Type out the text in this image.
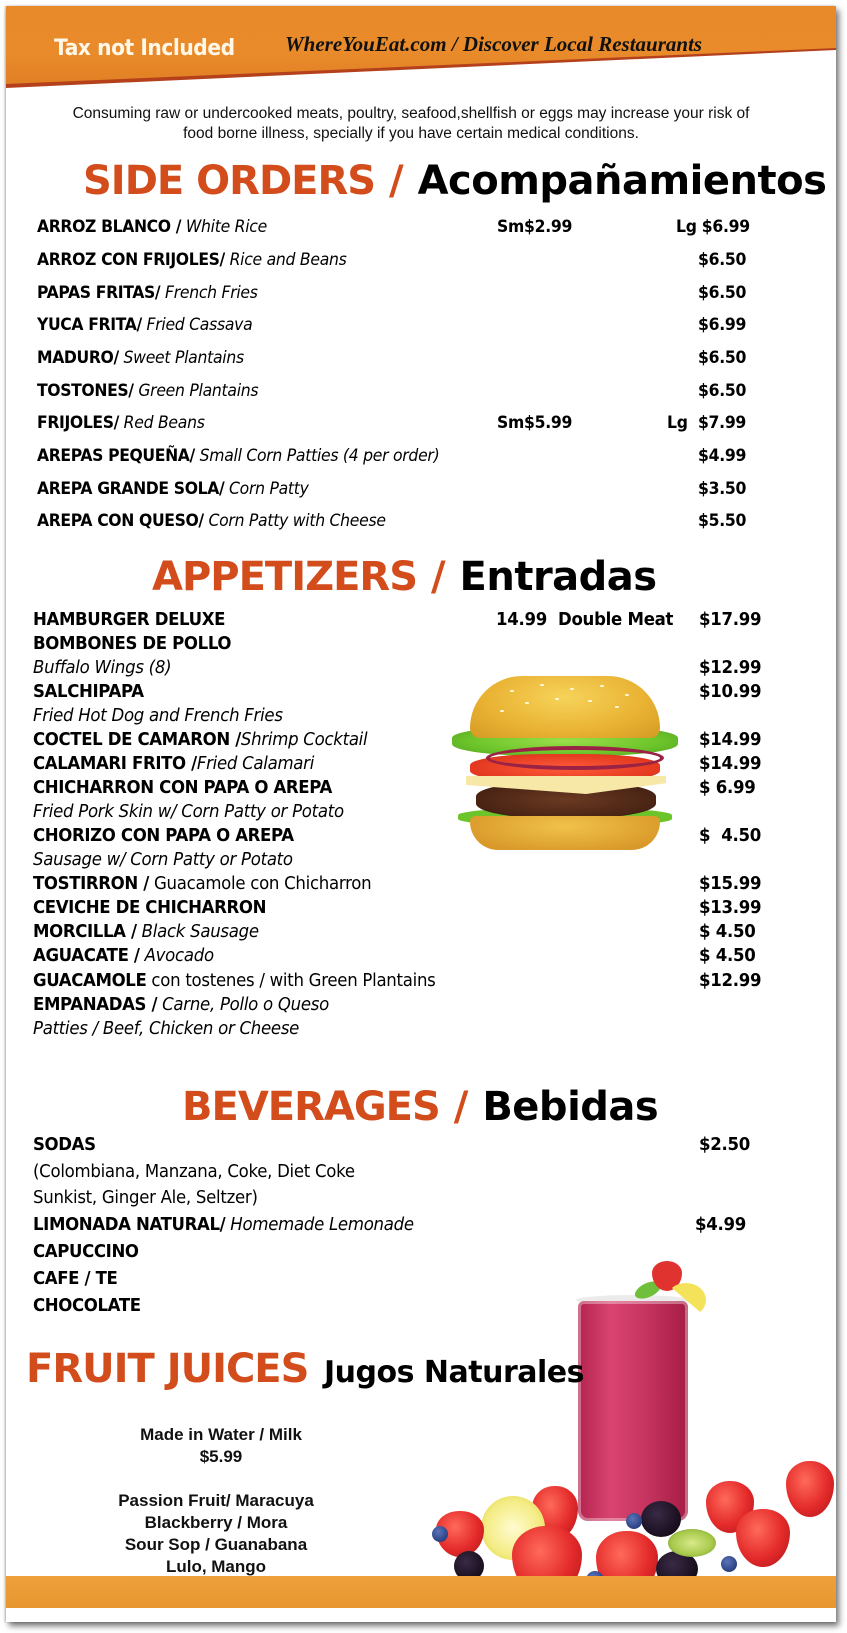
Tax not Included WhereYouEat.com / Discover Local Restaurants
Consuming raw or undercooked meats, poultry, seafood,shellfish or eggs may increase your risk of
food borne illness, specially if you have certain medical conditions.
SIDE ORDERS / Acompañamientos
ARROZ BLANCO / White Rice	Sm$2.99	Lg $6.99
ARROZ CON FRIJOLES/ Rice and Beans	$6.50
PAPAS FRITAS/ French Fries	$6.50
YUCA FRITA/ Fried Cassava	$6.99
MADURO/ Sweet Plantains	$6.50
TOSTONES/ Green Plantains	$6.50
FRIJOLES/ Red Beans	Sm$5.99	Lg  $7.99
AREPAS PEQUEÑA/ Small Corn Patties (4 per order)	$4.99
AREPA GRANDE SOLA/ Corn Patty	$3.50
AREPA CON QUESO/ Corn Patty with Cheese	$5.50
APPETIZERS / Entradas
HAMBURGER DELUXE	14.99  Double Meat $17.99
BOMBONES DE POLLO
Buffalo Wings (8)	$12.99
SALCHIPAPA	$10.99
Fried Hot Dog and French Fries
COCTEL DE CAMARON /Shrimp Cocktail	$14.99
CALAMARI FRITO /Fried Calamari	$14.99
CHICHARRON CON PAPA O AREPA	$ 6.99
Fried Pork Skin w/ Corn Patty or Potato
CHORIZO CON PAPA O AREPA	$  4.50
Sausage w/ Corn Patty or Potato
TOSTIRRON / Guacamole con Chicharron	$15.99
CEVICHE DE CHICHARRON	$13.99
MORCILLA / Black Sausage	$ 4.50
AGUACATE / Avocado	$ 4.50
GUACAMOLE con tostenes / with Green Plantains	$12.99
EMPANADAS / Carne, Pollo o Queso
Patties / Beef, Chicken or Cheese
BEVERAGES / Bebidas
SODAS	$2.50
(Colombiana, Manzana, Coke, Diet Coke
Sunkist, Ginger Ale, Seltzer)
LIMONADA NATURAL/ Homemade Lemonade	$4.99
CAPUCCINO
CAFE / TE
CHOCOLATE
FRUIT JUICES Jugos Naturales
Made in Water / Milk
$5.99
Passion Fruit/ Maracuya
Blackberry / Mora
Sour Sop / Guanabana
Lulo, Mango
